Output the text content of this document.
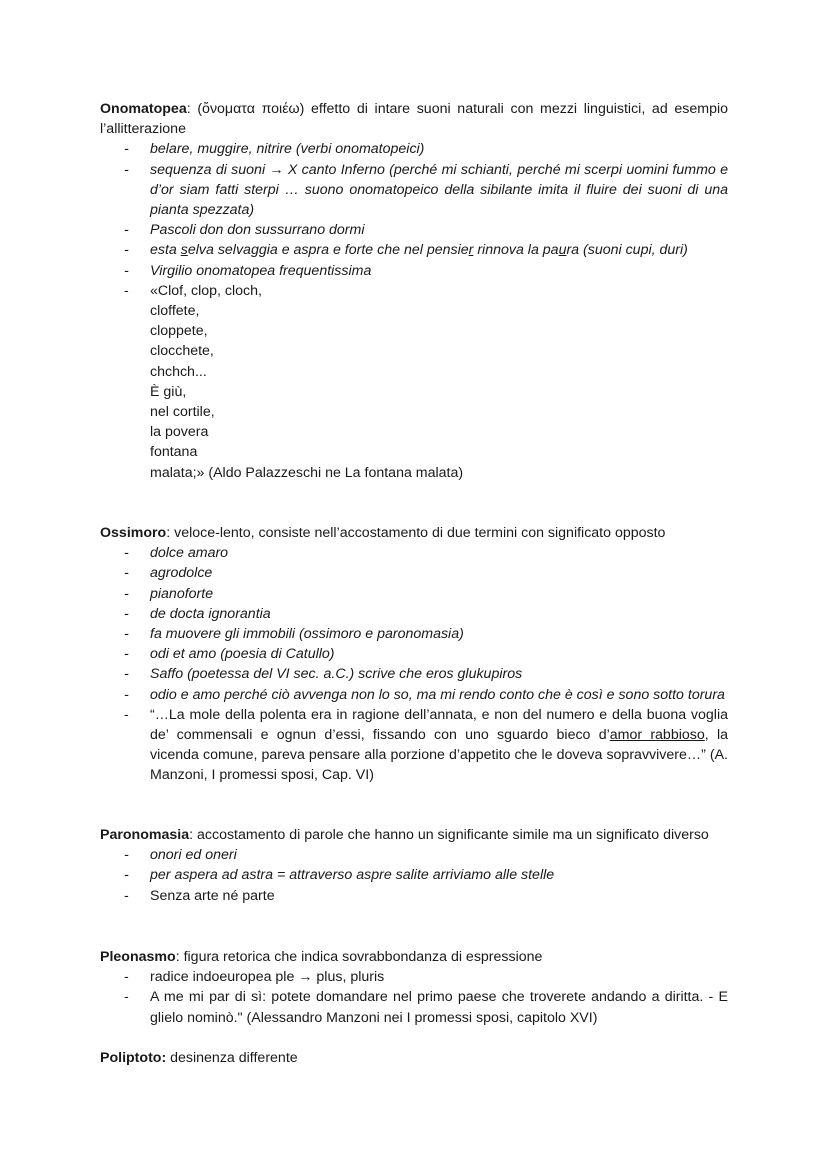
Onomatopea: (ὄνοματα ποιέω) effetto di intare suoni naturali con mezzi linguistici, ad esempio l’allitterazione
- belare, muggire, nitrire (verbi onomatopeici)
- sequenza di suoni → X canto Inferno (perché mi schianti, perché mi scerpi uomini fummo e d’or siam fatti sterpi … suono onomatopeico della sibilante imita il fluire dei suoni di una pianta spezzata)
- Pascoli don don sussurrano dormi
- esta selva selvaggia e aspra e forte che nel pensier rinnova la paura (suoni cupi, duri)
- Virgilio onomatopea frequentissima
- «Clof, clop, cloch,
cloffete,
cloppete,
clocchete,
chchch...
È giù,
nel cortile,
la povera
fontana
malata;» (Aldo Palazzeschi ne La fontana malata)
Ossimoro: veloce-lento, consiste nell’accostamento di due termini con significato opposto
- dolce amaro
- agrodolce
- pianoforte
- de docta ignorantia
- fa muovere gli immobili (ossimoro e paronomasia)
- odi et amo (poesia di Catullo)
- Saffo (poetessa del VI sec. a.C.) scrive che eros glukupiros
- odio e amo perché ciò avvenga non lo so, ma mi rendo conto che è così e sono sotto torura
- “…La mole della polenta era in ragione dell’annata, e non del numero e della buona voglia de’ commensali e ognun d’essi, fissando con uno sguardo bieco d’amor rabbioso, la vicenda comune, pareva pensare alla porzione d’appetito che le doveva sopravvivere…” (A. Manzoni, I promessi sposi, Cap. VI)
Paronomasia: accostamento di parole che hanno un significante simile ma un significato diverso
- onori ed oneri
- per aspera ad astra = attraverso aspre salite arriviamo alle stelle
- Senza arte né parte
Pleonasmo: figura retorica che indica sovrabbondanza di espressione
- radice indoeuropea ple → plus, pluris
- A me mi par di sì: potete domandare nel primo paese che troverete andando a diritta. - E glielo nominò." (Alessandro Manzoni nei I promessi sposi, capitolo XVI)
Poliptoto: desinenza differente
